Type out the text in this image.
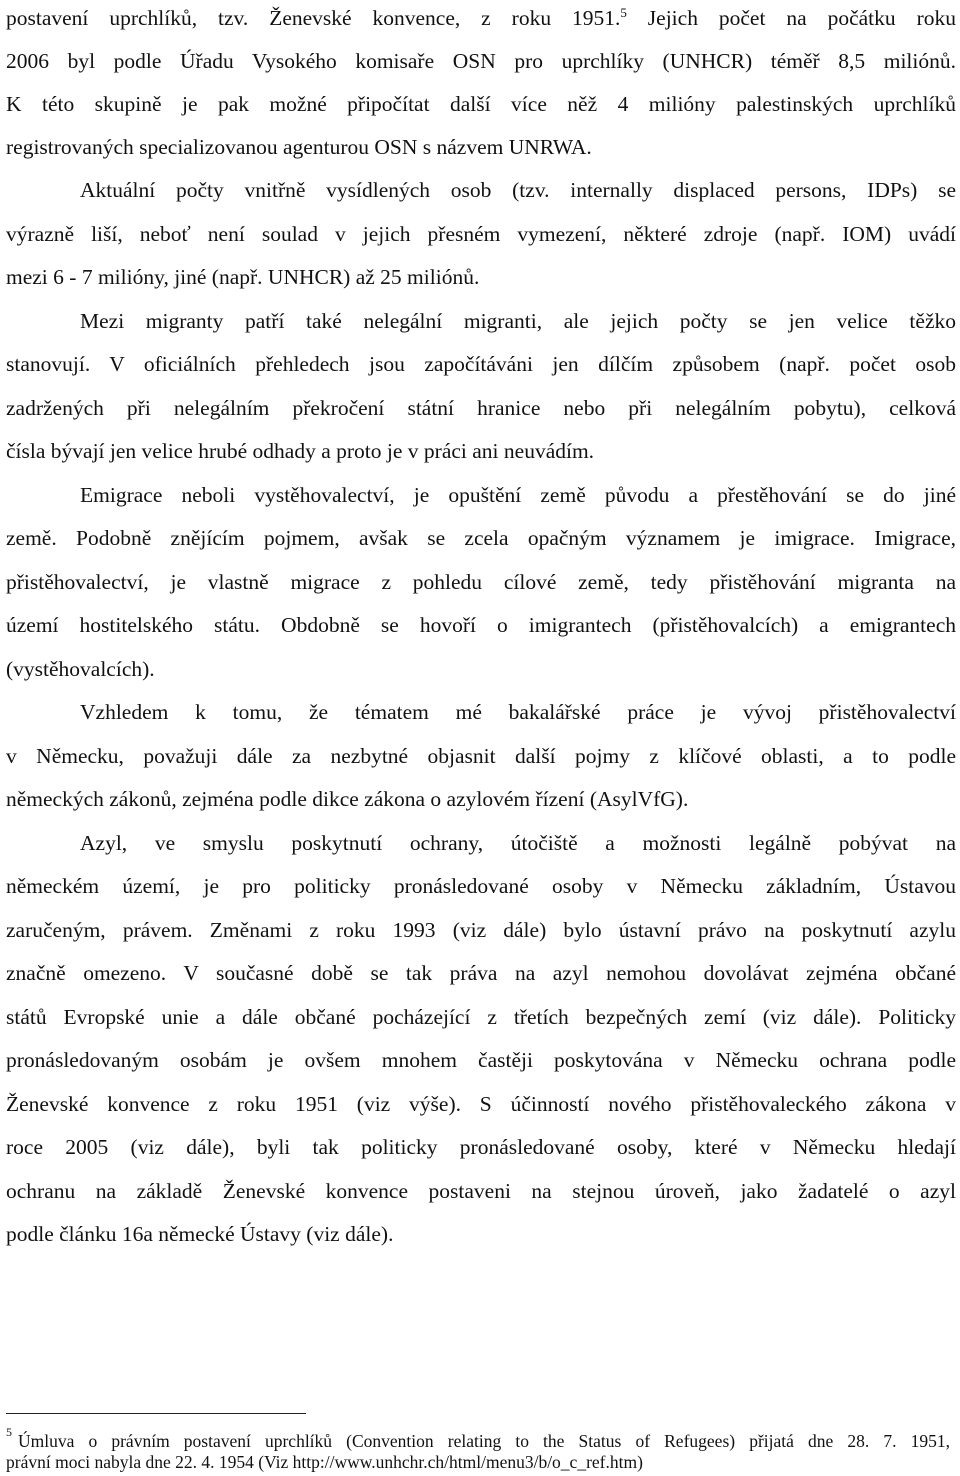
postavení uprchlíků, tzv. Ženevské konvence, z roku 1951.$^5$ Jejich počet na počátku roku
2006 byl podle Úřadu Vysokého komisaře OSN pro uprchlíky (UNHCR) téměř 8,5 miliónů.
K této skupině je pak možné připočítat další více něž 4 milióny palestinských uprchlíků
registrovaných specializovanou agenturou OSN s názvem UNRWA.
Aktuální počty vnitřně vysídlených osob (tzv. internally displaced persons, IDPs) se
výrazně liší, neboť není soulad v jejich přesném vymezení, některé zdroje (např. IOM) uvádí
mezi 6 - 7 milióny, jiné (např. UNHCR) až 25 miliónů.
Mezi migranty patří také nelegální migranti, ale jejich počty se jen velice těžko
stanovují. V oficiálních přehledech jsou započítáváni jen dílčím způsobem (např. počet osob
zadržených při nelegálním překročení státní hranice nebo při nelegálním pobytu), celková
čísla bývají jen velice hrubé odhady a proto je v práci ani neuvádím.
Emigrace neboli vystěhovalectví, je opuštění země původu a přestěhování se do jiné
země. Podobně znějícím pojmem, avšak se zcela opačným významem je imigrace. Imigrace,
přistěhovalectví, je vlastně migrace z pohledu cílové země, tedy přistěhování migranta na
území hostitelského státu. Obdobně se hovoří o imigrantech (přistěhovalcích) a emigrantech
(vystěhovalcích).
Vzhledem k tomu, že tématem mé bakalářské práce je vývoj přistěhovalectví
v Německu, považuji dále za nezbytné objasnit další pojmy z klíčové oblasti, a to podle
německých zákonů, zejména podle dikce zákona o azylovém řízení (AsylVfG).
Azyl, ve smyslu poskytnutí ochrany, útočiště a možnosti legálně pobývat na
německém území, je pro politicky pronásledované osoby v Německu základním, Ústavou
zaručeným, právem. Změnami z roku 1993 (viz dále) bylo ústavní právo na poskytnutí azylu
značně omezeno. V současné době se tak práva na azyl nemohou dovolávat zejména občané
států Evropské unie a dále občané pocházející z třetích bezpečných zemí (viz dále). Politicky
pronásledovaným osobám je ovšem mnohem častěji poskytována v Německu ochrana podle
Ženevské konvence z roku 1951 (viz výše). S účinností nového přistěhovaleckého zákona v
roce 2005 (viz dále), byli tak politicky pronásledované osoby, které v Německu hledají
ochranu na základě Ženevské konvence postaveni na stejnou úroveň, jako žadatelé o azyl
podle článku 16a německé Ústavy (viz dále).
5 Úmluva o právním postavení uprchlíků (Convention relating to the Status of Refugees) přijatá dne 28. 7. 1951,
právní moci nabyla dne 22. 4. 1954 (Viz http://www.unhchr.ch/html/menu3/b/o_c_ref.htm)
